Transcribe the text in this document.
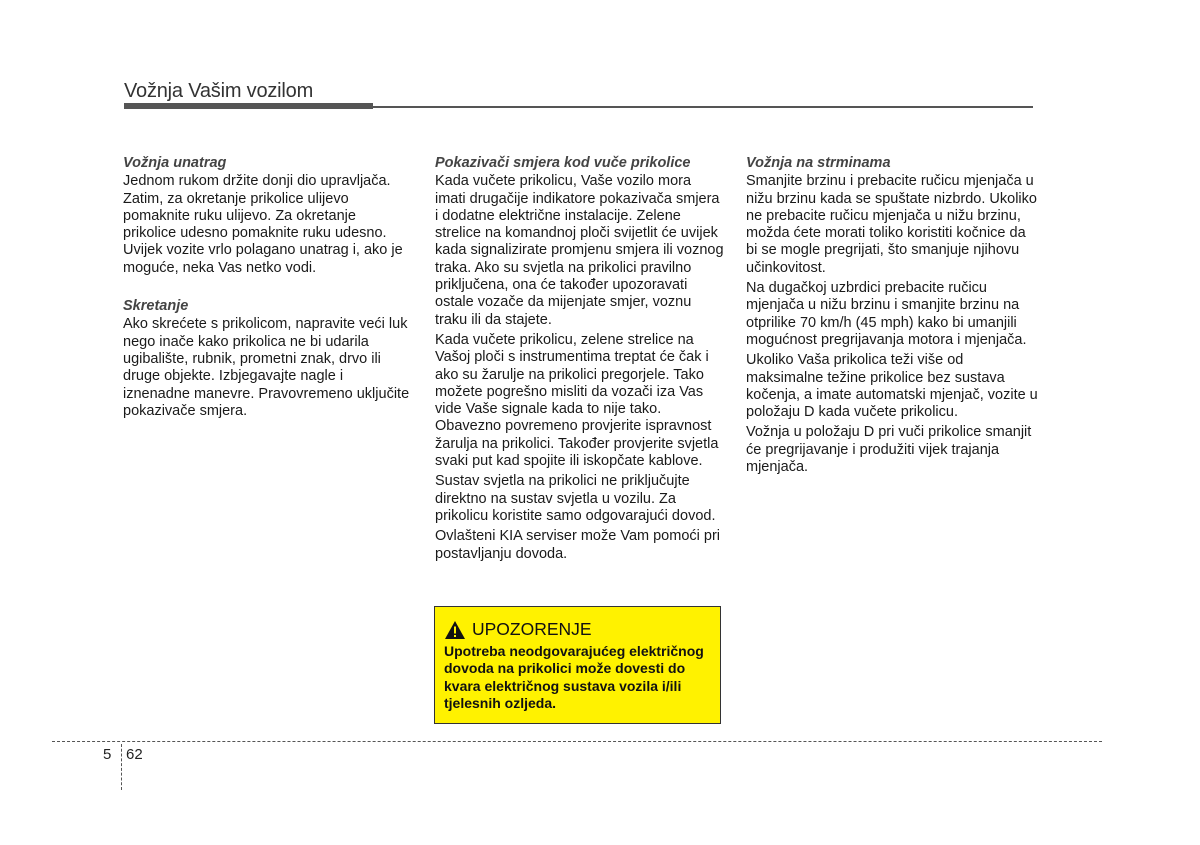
Vožnja Vašim vozilom
Vožnja unatrag
Jednom rukom držite donji dio upravljača. Zatim, za okretanje prikolice ulijevo pomaknite ruku ulijevo. Za okretanje prikolice udesno pomaknite ruku udesno. Uvijek vozite vrlo polagano unatrag i, ako je moguće, neka Vas netko vodi.
Skretanje
Ako skrećete s prikolicom, napravite veći luk nego inače kako prikolica ne bi udarila ugibalište, rubnik, prometni znak, drvo ili druge objekte. Izbjegavajte nagle i iznenadne manevre. Pravovremeno uključite pokazivače smjera.
Pokazivači smjera kod vuče prikolice
Kada vučete prikolicu, Vaše vozilo mora imati drugačije indikatore pokazivača smjera i dodatne električne instalacije. Zelene strelice na komandnoj ploči svijetlit će uvijek kada signalizirate promjenu smjera ili voznog traka. Ako su svjetla na prikolici pravilno priključena, ona će također upozoravati ostale vozače da mijenjate smjer, voznu traku ili da stajete.
Kada vučete prikolicu, zelene strelice na Vašoj ploči s instrumentima treptat će čak i ako su žarulje na prikolici pregorjele. Tako možete pogrešno misliti da vozači iza Vas vide Vaše signale kada to nije tako. Obavezno povremeno provjerite ispravnost žarulja na prikolici. Također provjerite svjetla svaki put kad spojite ili iskopčate kablove.
Sustav svjetla na prikolici ne priključujte direktno na sustav svjetla u vozilu. Za prikolicu koristite samo odgovarajući dovod.
Ovlašteni KIA serviser može Vam pomoći pri postavljanju dovoda.
UPOZORENJE
Upotreba neodgovarajućeg električnog dovoda na prikolici može dovesti do kvara električnog sustava vozila i/ili tjelesnih ozljeda.
Vožnja na strminama
Smanjite brzinu i prebacite ručicu mjenjača u nižu brzinu kada se spuštate nizbrdo. Ukoliko ne prebacite ručicu mjenjača u nižu brzinu, možda ćete morati toliko koristiti kočnice da bi se mogle pregrijati, što smanjuje njihovu učinkovitost.
Na dugačkoj uzbrdici prebacite ručicu mjenjača u nižu brzinu i smanjite brzinu na otprilike 70 km/h (45 mph) kako bi umanjili mogućnost pregrijavanja motora i mjenjača.
Ukoliko Vaša prikolica teži više od maksimalne težine prikolice bez sustava kočenja, a imate automatski mjenjač, vozite u položaju D kada vučete prikolicu.
Vožnja u položaju D pri vuči prikolice smanjit će pregrijavanje i produžiti vijek trajanja mjenjača.
5 62
